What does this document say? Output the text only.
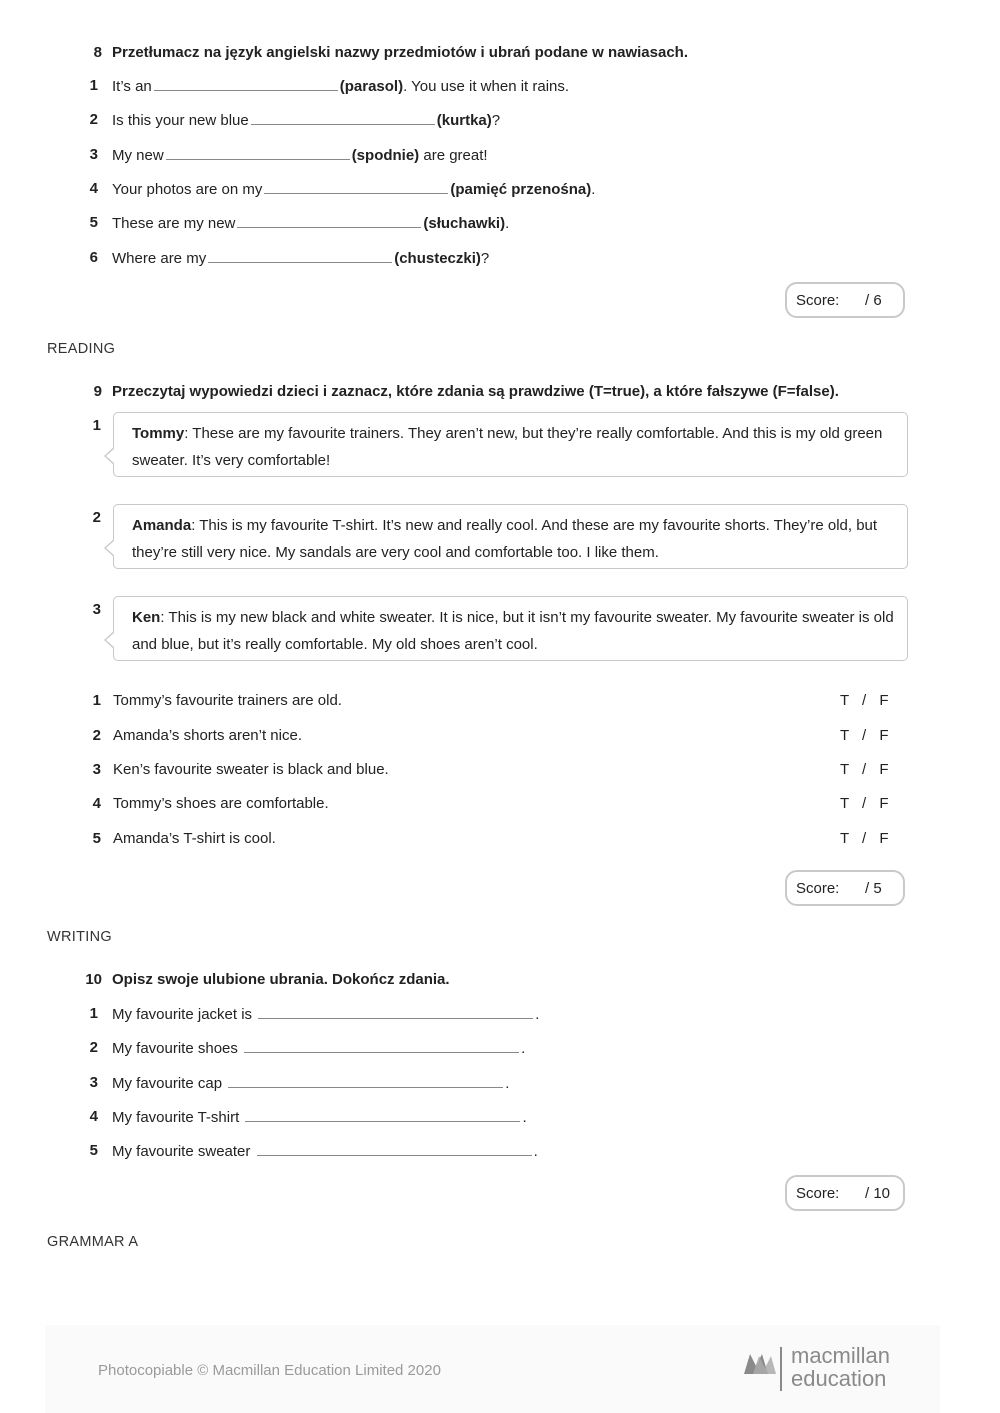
8 Przetłumacz na język angielski nazwy przedmiotów i ubrań podane w nawiasach.
1 It’s an	(parasol). You use it when it rains.
2 Is this your new blue	(kurtka)?
3 My new	(spodnie) are great!
4 Your photos are on my	(pamięć przenośna).
5 These are my new	(słuchawki).
6 Where are my	(chusteczki)?
Score: / 6
READING
9 Przeczytaj wypowiedzi dzieci i zaznacz, które zdania są prawdziwe (T=true), a które fałszywe (F=false).
1	Tommy: These are my favourite trainers. They aren’t new, but they’re really comfortable. And this is my old green sweater. It’s very comfortable!
2	Amanda: This is my favourite T-shirt. It’s new and really cool. And these are my favourite shorts. They’re old, but they’re still very nice. My sandals are very cool and comfortable too. I like them.
3	Ken: This is my new black and white sweater. It is nice, but it isn’t my favourite sweater. My favourite sweater is old and blue, but it’s really comfortable. My old shoes aren’t cool.
1 Tommy’s favourite trainers are old.	T / F
2 Amanda’s shorts aren’t nice.	T / F
3 Ken’s favourite sweater is black and blue.	T / F
4 Tommy’s shoes are comfortable.	T / F
5 Amanda’s T-shirt is cool.	T / F
Score: / 5
WRITING
10 Opisz swoje ulubione ubrania. Dokończ zdania.
1 My favourite jacket is	.
2 My favourite shoes	.
3 My favourite cap	.
4 My favourite T-shirt	.
5 My favourite sweater	.
Score: / 10
GRAMMAR A
Photocopiable © Macmillan Education Limited 2020
macmillan
education
